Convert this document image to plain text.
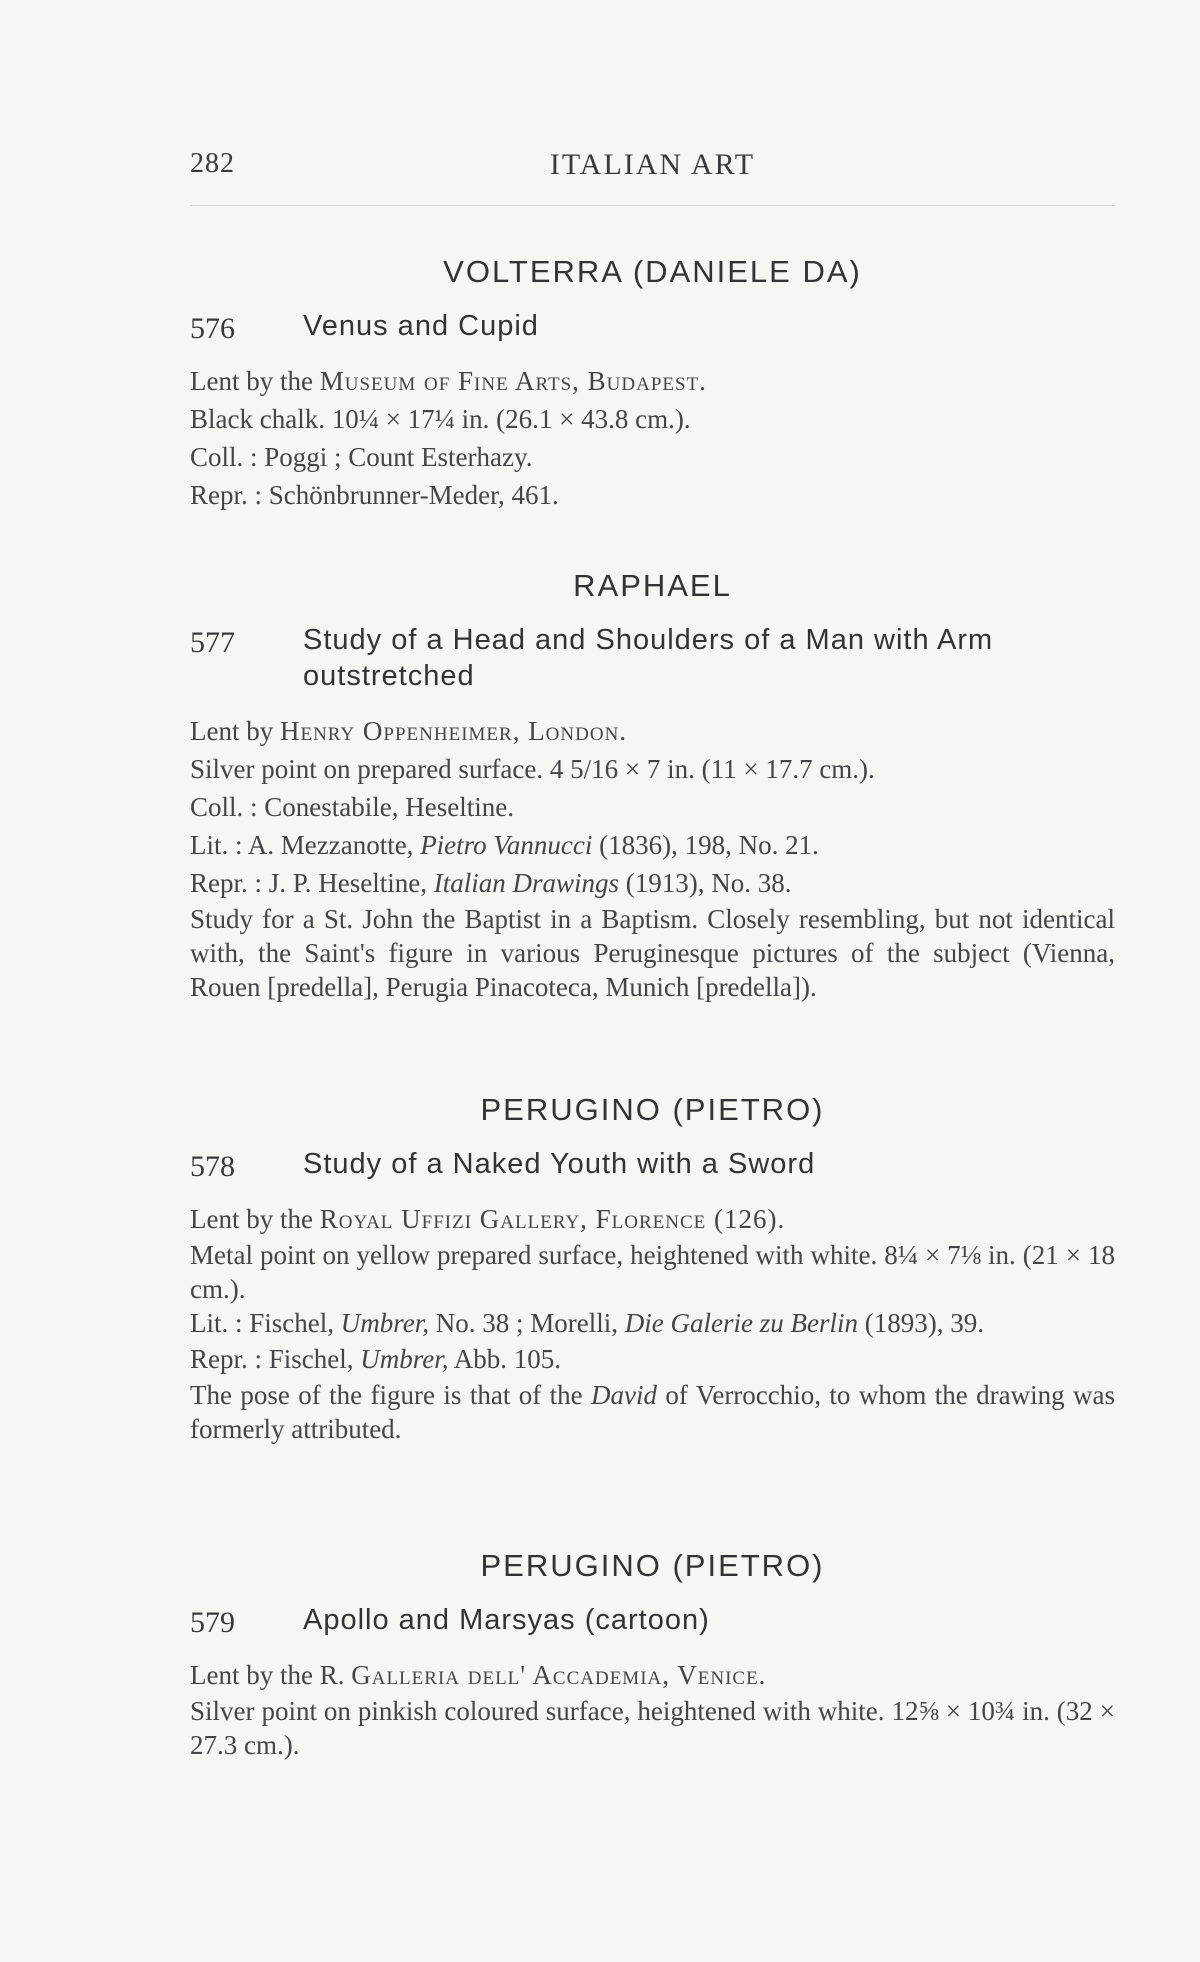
282	ITALIAN ART
VOLTERRA (DANIELE DA)
576 Venus and Cupid
Lent by the Museum of Fine Arts, Budapest.
Black chalk. 10¼ × 17¼ in. (26.1 × 43.8 cm.).
Coll. : Poggi ; Count Esterhazy.
Repr. : Schönbrunner-Meder, 461.
RAPHAEL
577 Study of a Head and Shoulders of a Man with Arm outstretched
Lent by Henry Oppenheimer, London.
Silver point on prepared surface. 4 5/16 × 7 in. (11 × 17.7 cm.).
Coll. : Conestabile, Heseltine.
Lit. : A. Mezzanotte, Pietro Vannucci (1836), 198, No. 21.
Repr. : J. P. Heseltine, Italian Drawings (1913), No. 38.
Study for a St. John the Baptist in a Baptism. Closely resembling, but not identical with, the Saint's figure in various Peruginesque pictures of the subject (Vienna, Rouen [predella], Perugia Pinacoteca, Munich [predella]).
PERUGINO (PIETRO)
578 Study of a Naked Youth with a Sword
Lent by the Royal Uffizi Gallery, Florence (126).
Metal point on yellow prepared surface, heightened with white. 8¼ × 7⅛ in. (21 × 18 cm.).
Lit. : Fischel, Umbrer, No. 38 ; Morelli, Die Galerie zu Berlin (1893), 39.
Repr. : Fischel, Umbrer, Abb. 105.
The pose of the figure is that of the David of Verrocchio, to whom the drawing was formerly attributed.
PERUGINO (PIETRO)
579 Apollo and Marsyas (cartoon)
Lent by the R. Galleria dell' Accademia, Venice.
Silver point on pinkish coloured surface, heightened with white. 12⅝ × 10¾ in. (32 × 27.3 cm.).
